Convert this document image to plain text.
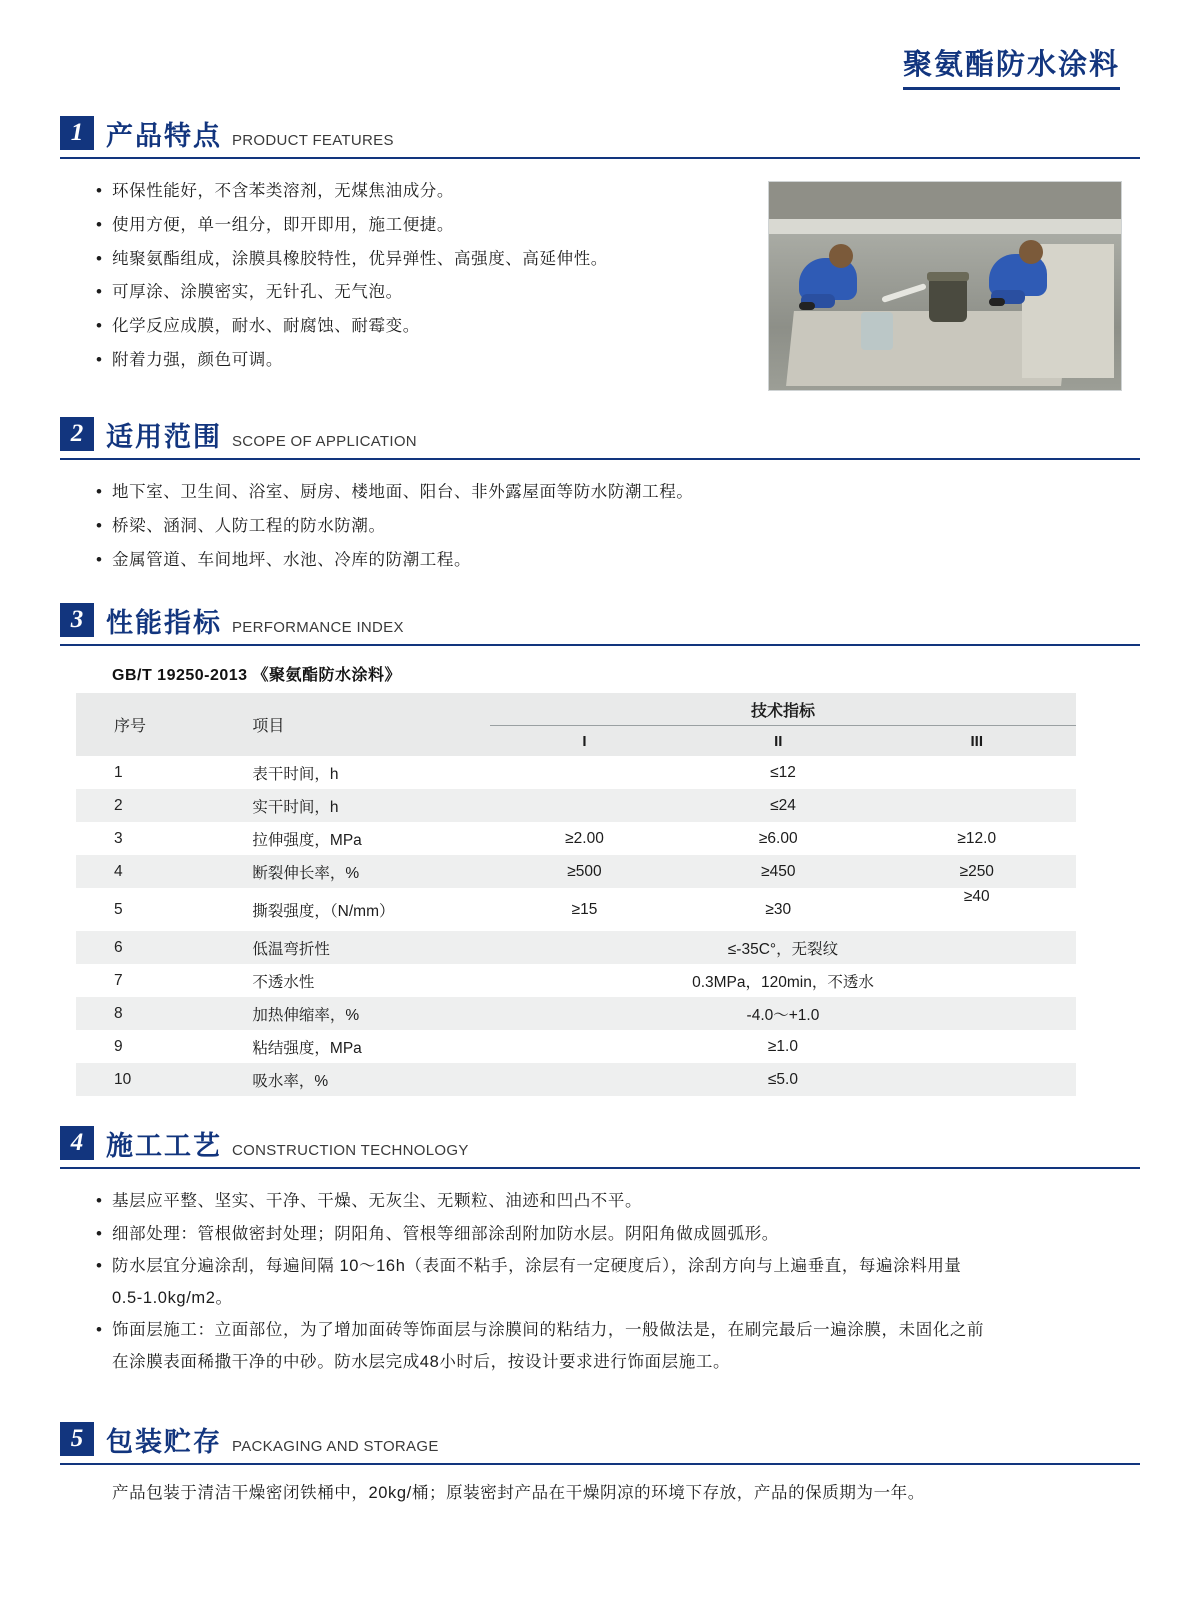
聚氨酯防水涂料
1 产品特点 PRODUCT FEATURES
• 环保性能好，不含苯类溶剂，无煤焦油成分。
• 使用方便，单一组分，即开即用，施工便捷。
• 纯聚氨酯组成，涂膜具橡胶特性，优异弹性、高强度、高延伸性。
• 可厚涂、涂膜密实，无针孔、无气泡。
• 化学反应成膜，耐水、耐腐蚀、耐霉变。
• 附着力强，颜色可调。
2 适用范围 SCOPE OF APPLICATION
• 地下室、卫生间、浴室、厨房、楼地面、阳台、非外露屋面等防水防潮工程。
• 桥梁、涵洞、人防工程的防水防潮。
• 金属管道、车间地坪、水池、冷库的防潮工程。
3 性能指标 PERFORMANCE INDEX
GB/T 19250-2013 《聚氨酯防水涂料》
序号	项目	技术指标		
		I	II	III
1	表干时间，h	≤12		
2	实干时间，h	≤24		
3	拉伸强度，MPa	≥2.00	≥6.00	≥12.0
4	断裂伸长率，%	≥500	≥450	≥250
5	撕裂强度，（N/mm）	≥15	≥30	≥40
6	低温弯折性	≤-35C°，无裂纹		
7	不透水性	0.3MPa，120min，不透水		
8	加热伸缩率，%	-4.0～+1.0		
9	粘结强度，MPa	≥1.0		
10	吸水率，%	≤5.0		
4 施工工艺 CONSTRUCTION TECHNOLOGY
• 基层应平整、坚实、干净、干燥、无灰尘、无颗粒、油迹和凹凸不平。
• 细部处理：管根做密封处理；阴阳角、管根等细部涂刮附加防水层。阴阳角做成圆弧形。
• 防水层宜分遍涂刮，每遍间隔 10～16h（表面不粘手，涂层有一定硬度后），涂刮方向与上遍垂直，每遍涂料用量
0.5-1.0kg/m2。
• 饰面层施工：立面部位，为了增加面砖等饰面层与涂膜间的粘结力，一般做法是，在刷完最后一遍涂膜，未固化之前
在涂膜表面稀撒干净的中砂。防水层完成48小时后，按设计要求进行饰面层施工。
5 包装贮存 PACKAGING AND STORAGE
产品包装于清洁干燥密闭铁桶中，20kg/桶；原装密封产品在干燥阴凉的环境下存放，产品的保质期为一年。
